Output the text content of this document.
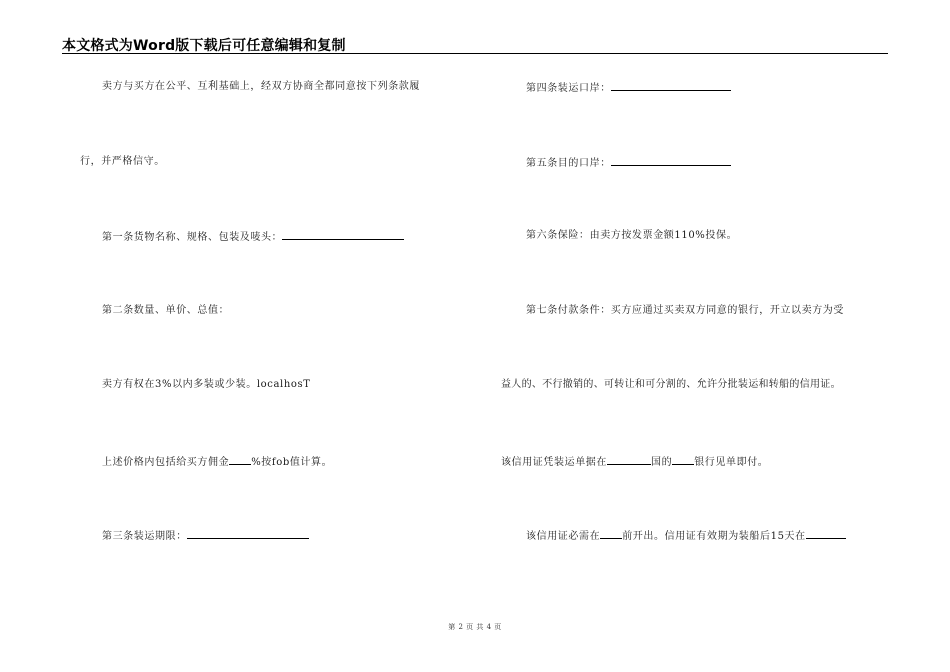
本文格式为Word版下载后可任意编辑和复制
卖方与买方在公平、互利基础上，经双方协商全都同意按下列条款履
行，并严格信守。
第一条货物名称、规格、包装及唛头：
第二条数量、单价、总值：
卖方有权在3%以内多装或少装。localhosT
上述价格内包括给买方佣金 %按fob值计算。
第三条装运期限：
第四条装运口岸：
第五条目的口岸：
第六条保险：由卖方按发票金额110%投保。
第七条付款条件：买方应通过买卖双方同意的银行，开立以卖方为受
益人的、不行撤销的、可转让和可分割的、允许分批装运和转船的信用证。
该信用证凭装运单据在	国的 银行见单即付。
该信用证必需在 前开出。信用证有效期为装船后15天在
第 2 页 共 4 页
